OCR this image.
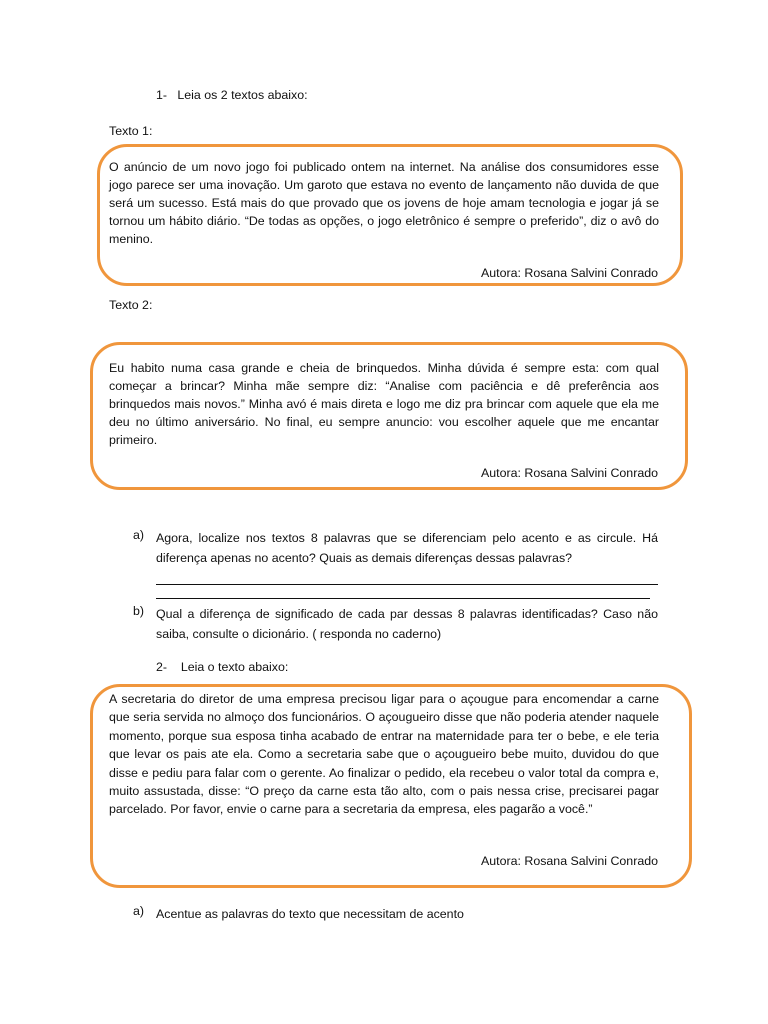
1- Leia os 2 textos abaixo:
Texto 1:
O anúncio de um novo jogo foi publicado ontem na internet. Na análise dos consumidores esse jogo parece ser uma inovação. Um garoto que estava no evento de lançamento não duvida de que será um sucesso. Está mais do que provado que os jovens de hoje amam tecnologia e jogar já se tornou um hábito diário. “De todas as opções, o jogo eletrônico é sempre o preferido”, diz o avô do menino.
Autora: Rosana Salvini Conrado
Texto 2:
Eu habito numa casa grande e cheia de brinquedos. Minha dúvida é sempre esta: com qual começar a brincar? Minha mãe sempre diz: “Analise com paciência e dê preferência aos brinquedos mais novos.” Minha avó é mais direta e logo me diz pra brincar com aquele que ela me deu no último aniversário. No final, eu sempre anuncio: vou escolher aquele que me encantar primeiro.
Autora: Rosana Salvini Conrado
a) Agora, localize nos textos 8 palavras que se diferenciam pelo acento e as circule. Há diferença apenas no acento? Quais as demais diferenças dessas palavras?
b) Qual a diferença de significado de cada par dessas 8 palavras identificadas? Caso não saiba, consulte o dicionário. ( responda no caderno)
2- Leia o texto abaixo:
A secretaria do diretor de uma empresa precisou ligar para o açougue para encomendar a carne que seria servida no almoço dos funcionários. O açougueiro disse que não poderia atender naquele momento, porque sua esposa tinha acabado de entrar na maternidade para ter o bebe, e ele teria que levar os pais ate ela. Como a secretaria sabe que o açougueiro bebe muito, duvidou do que disse e pediu para falar com o gerente. Ao finalizar o pedido, ela recebeu o valor total da compra e, muito assustada, disse: “O preço da carne esta tão alto, com o pais nessa crise, precisarei pagar parcelado. Por favor, envie o carne para a secretaria da empresa, eles pagarão a você.”
Autora: Rosana Salvini Conrado
a) Acentue as palavras do texto que necessitam de acento
